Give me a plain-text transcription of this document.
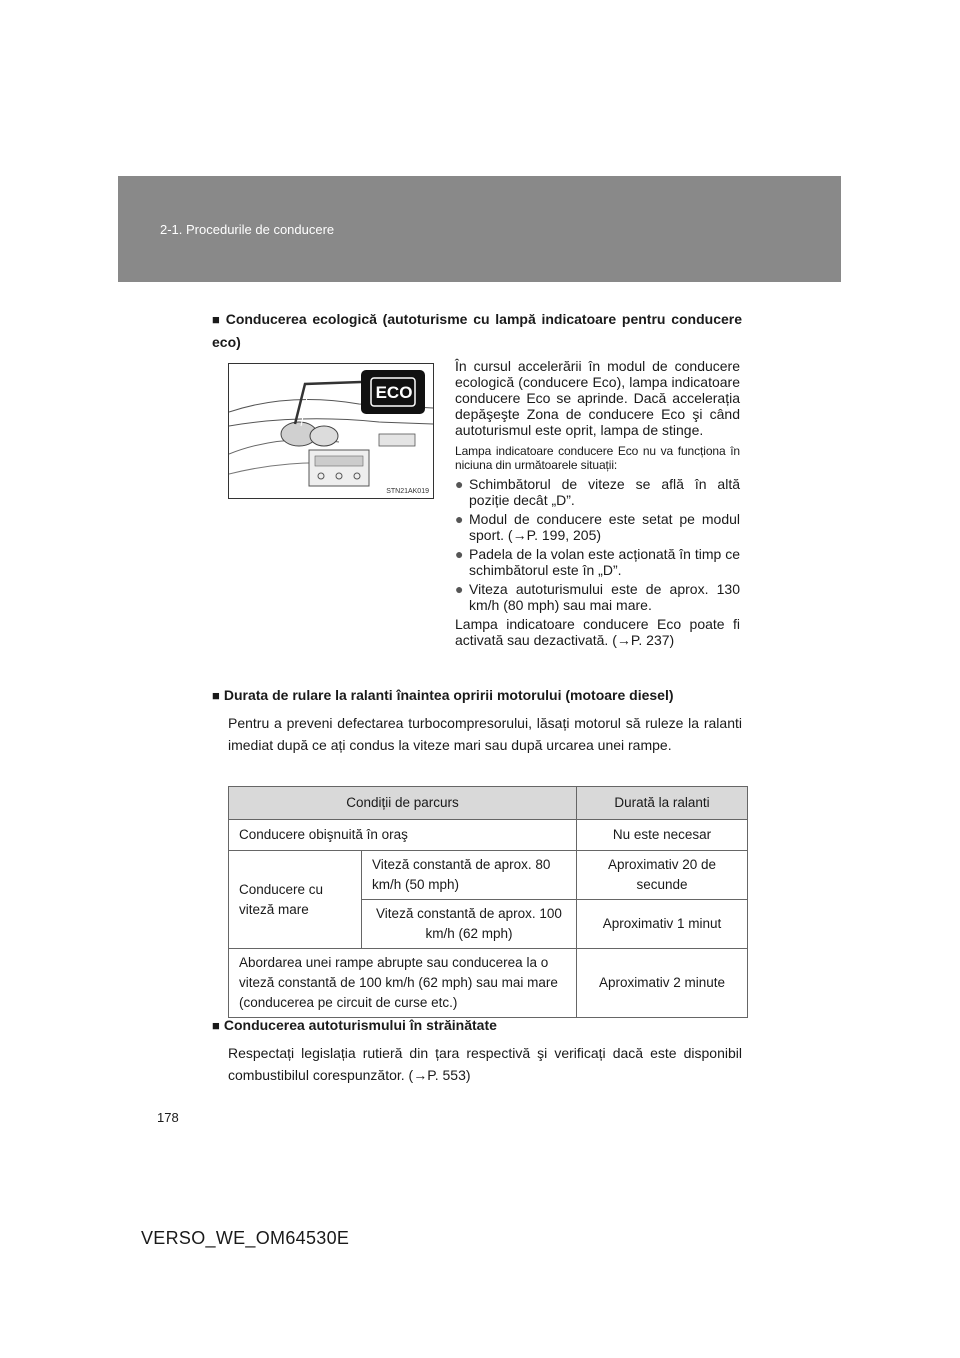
2-1. Procedurile de conducere
■ Conducerea ecologică (autoturisme cu lampă indicatoare pentru conducere eco)
ECO
STN21AK019

În cursul accelerării în modul de conducere ecologică (conducere Eco), lampa indicatoare conducere Eco se aprinde. Dacă accelerația depăşeşte Zona de conducere Eco şi când autoturismul este oprit, lampa de stinge.

Lampa indicatoare conducere Eco nu va funcționa în niciuna din următoarele situații:

● Schimbătorul de viteze se află în altă poziție decât „D”.
● Modul de conducere este setat pe modul sport. (→P. 199, 205)
● Padela de la volan este acționată în timp ce schimbătorul este în „D”.
● Viteza autoturismului este de aprox. 130 km/h (80 mph) sau mai mare.

Lampa indicatoare conducere Eco poate fi activată sau dezactivată. (→P. 237)

■ Durata de rulare la ralanti înaintea opririi motorului (motoare diesel)
Pentru a preveni defectarea turbocompresorului, lăsați motorul să ruleze la ralanti imediat după ce ați condus la viteze mari sau după urcarea unei rampe.
Condiții de parcurs		Durată la ralanti
Conducere obişnuită în oraş		Nu este necesar
Conducere cu viteză mare	Viteză constantă de aprox. 80 km/h (50 mph)	Aproximativ 20 de secunde
	Viteză constantă de aprox. 100 km/h (62 mph)	Aproximativ 1 minut
Abordarea unei rampe abrupte sau conducerea la o viteză constantă de 100 km/h (62 mph) sau mai mare (conducerea pe circuit de curse etc.)		Aproximativ 2 minute
■ Conducerea autoturismului în străinătate
Respectați legislația rutieră din țara respectivă şi verificați dacă este disponibil combustibilul corespunzător. (→P. 553)
178
VERSO_WE_OM64530E
